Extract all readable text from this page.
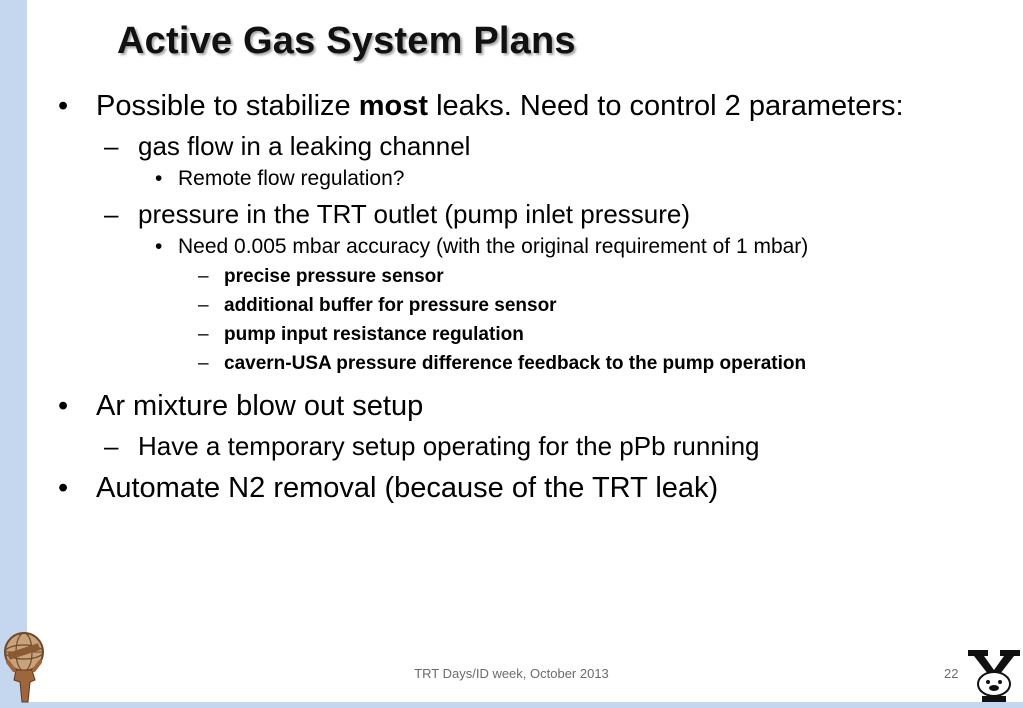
Active Gas System Plans
• Possible to stabilize most leaks. Need to control 2 parameters:
– gas flow in a leaking channel
• Remote flow regulation?
– pressure in the TRT outlet (pump inlet pressure)
• Need 0.005 mbar accuracy (with the original requirement of 1 mbar)
– precise pressure sensor
– additional buffer for pressure sensor
– pump input resistance regulation
– cavern-USA pressure difference feedback to the pump operation
• Ar mixture blow out setup
– Have a temporary setup operating for the pPb running
• Automate N2 removal (because of the TRT leak)
TRT Days/ID week, October 2013	22
